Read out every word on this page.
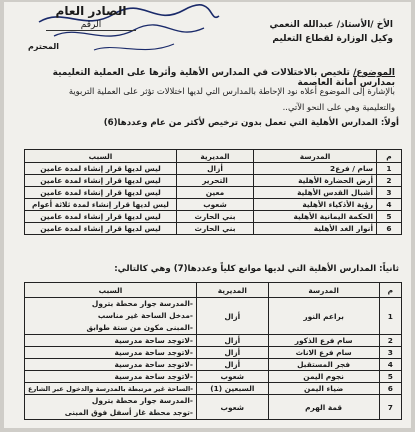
الصادر العام
الرقم	الأخ /الأستاذ/ عبدالله النعمي
وكيل الوزارة لقطاع التعليم
المحترم
الموضوع/ تلخيص بالاختلالات في المدارس الأهلية وأثرها على العملية التعليمية بمدارس أمانة العاصمة
بالإشارة إلى الموضوع أعلاه نود الإحاطة بالمدارس التي لديها اختلالات تؤثر على العملية التربوية
والتعليمية وهي على النحو الآتي..
أولاً: المدارس الأهلية التي تعمل بدون ترخيص لأكثر من عام وعددها(6)
م	المدرسة	المديرية	السبب
1	سام / فرع2	أزال	ليس لديها قرار إنشاء لمدة عامين
2	أرض الحضارة الأهلية	التحرير	ليس لديها قرار إنشاء لمدة عامين
3	أشبال القدس الأهلية	معين	ليس لديها قرار إنشاء لمدة عامين
4	رؤية الأذكياء الأهلية	شعوب	ليس لديها قرار إنشاء لمدة ثلاثة أعوام
5	الحكمة اليمانية الأهلية	بني الحارث	ليس لديها قرار إنشاء لمدة عامين
6	أنوار الغد الأهلية	بني الحارث	ليس لديها قرار إنشاء لمدة عامين
ثانياً: المدارس الأهلية التي لديها موانع كلياً وعددها(7) وهي كالتالي:
م	المدرسة	المديرية	السبب
1	براعم النور	أزال	-المدرسة جوار محطة بترول
-مدخل الساحة غير مناسب
-المبنى مكون من ستة طوابق

2	سام فرع الذكور	أزال	-لاتوجد ساحة مدرسية
3	سام فرع الاناث	أزال	-لاتوجد ساحة مدرسية
4	فجر المستقبل	أزال	-لاتوجد ساحة مدرسية
5	نجوم اليمن	شعوب	-لاتوجد ساحة مدرسية
6	ضياء اليمن	السبعين (1)	-الساحة غير مرتبطة بالمدرسة والدخول عبر الشارع
7	قمة الهرم	شعوب	-المدرسة جوار محطة بترول
-توجد محطة غاز أسفل فوق المبنى
